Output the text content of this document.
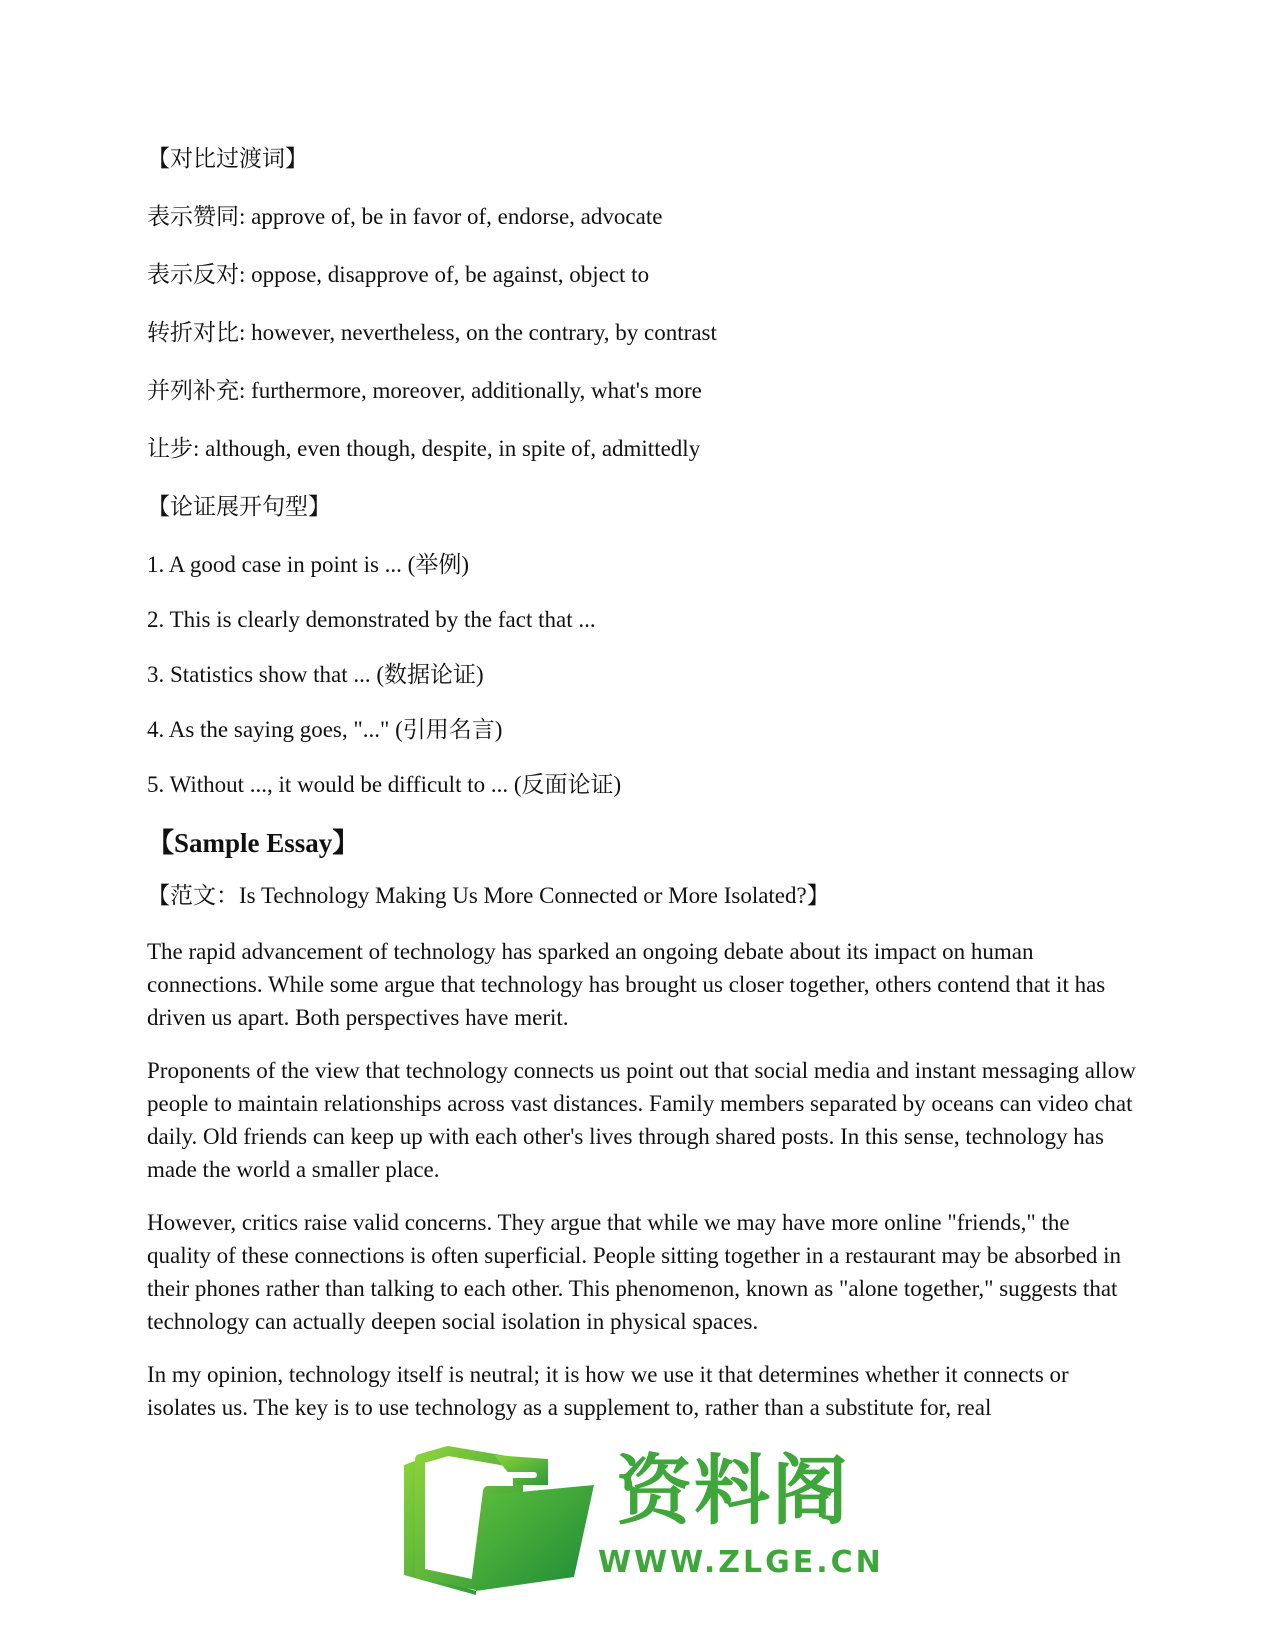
【对比过渡词】

表示赞同: approve of, be in favor of, endorse, advocate

表示反对: oppose, disapprove of, be against, object to

转折对比: however, nevertheless, on the contrary, by contrast

并列补充: furthermore, moreover, additionally, what's more

让步: although, even though, despite, in spite of, admittedly

【论证展开句型】

1. A good case in point is ... (举例)

2. This is clearly demonstrated by the fact that ...

3. Statistics show that ... (数据论证)

4. As the saying goes, "..." (引用名言)

5. Without ..., it would be difficult to ... (反面论证)

【Sample Essay】

【范文：Is Technology Making Us More Connected or More Isolated?】

The rapid advancement of technology has sparked an ongoing debate about its impact on human connections. While some argue that technology has brought us closer together, others contend that it has driven us apart. Both perspectives have merit.

Proponents of the view that technology connects us point out that social media and instant messaging allow people to maintain relationships across vast distances. Family members separated by oceans can video chat daily. Old friends can keep up with each other's lives through shared posts. In this sense, technology has made the world a smaller place.

However, critics raise valid concerns. They argue that while we may have more online "friends," the quality of these connections is often superficial. People sitting together in a restaurant may be absorbed in their phones rather than talking to each other. This phenomenon, known as "alone together," suggests that technology can actually deepen social isolation in physical spaces.

In my opinion, technology itself is neutral; it is how we use it that determines whether it connects or isolates us. The key is to use technology as a supplement to, rather than a substitute for, real

资料阁
WWW.ZLGE.CN
